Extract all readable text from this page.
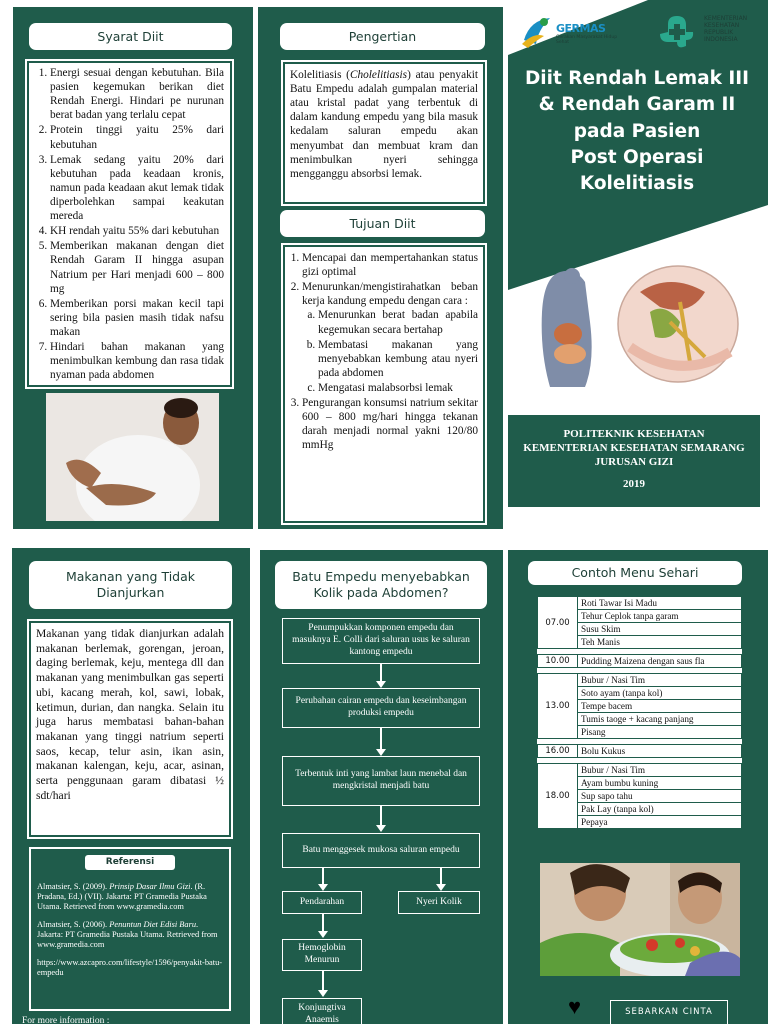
Syarat Diit
1. Energi sesuai dengan kebutuhan. Bila pasien kegemukan berikan diet Rendah Energi. Hindari pe nurunan berat badan yang terlalu cepat
2. Protein tinggi yaitu 25% dari kebutuhan
3. Lemak sedang yaitu 20% dari kebutuhan pada keadaan kronis, namun pada keadaan akut lemak tidak diperbolehkan sampai keakutan mereda
4. KH rendah yaitu 55% dari kebutuhan
5. Memberikan makanan dengan diet Rendah Garam II hingga asupan Natrium per Hari menjadi 600 – 800 mg
6. Memberikan porsi makan kecil tapi sering bila pasien masih tidak nafsu makan
7. Hindari bahan makanan yang menimbulkan kembung dan rasa tidak nyaman pada abdomen
Pengertian
Kolelitiasis (Cholelitiasis) atau penyakit Batu Empedu adalah gumpalan material atau kristal padat yang terbentuk di dalam kandung empedu yang bila masuk kedalam saluran empedu akan menyumbat dan membuat kram dan menimbulkan nyeri sehingga mengganggu absorbsi lemak.
Tujuan Diit
1. Mencapai dan mempertahankan status gizi optimal
2. Menurunkan/mengistirahatkan beban kerja kandung empedu dengan cara :
a. Menurunkan berat badan apabila kegemukan secara bertahap
b. Membatasi makanan yang menyebabkan kembung atau nyeri pada abdomen
c. Mengatasi malabsorbsi lemak
3. Pengurangan konsumsi natrium sekitar 600 – 800 mg/hari hingga tekanan darah menjadi normal yakni 120/80 mmHg
GERMAS
Gerakan Masyarakat Hidup Sehat
KEMENTERIAN KESEHATAN REPUBLIK INDONESIA
Diit Rendah Lemak III
& Rendah Garam II
pada Pasien
Post Operasi
Kolelitiasis
POLITEKNIK KESEHATAN
KEMENTERIAN KESEHATAN SEMARANG
JURUSAN GIZI
2019
Makanan yang Tidak Dianjurkan
Makanan yang tidak dianjurkan adalah makanan berlemak, gorengan, jeroan, daging berlemak, keju, mentega dll dan makanan yang menimbulkan gas seperti ubi, kacang merah, kol, sawi, lobak, ketimun, durian, dan nangka. Selain itu juga harus membatasi bahan-bahan makanan yang tinggi natrium seperti saos, kecap, telur asin, ikan asin, makanan kalengan, keju, acar, asinan, serta penggunaan garam dibatasi ½ sdt/hari
Referensi
Almatsier, S. (2009). Prinsip Dasar Ilmu Gizi. (R. Pradana, Ed.) (VII). Jakarta: PT Gramedia Pustaka Utama. Retrieved from www.gramedia.com
Almatsier, S. (2006). Penuntun Diet Edisi Baru. Jakarta: PT Gramedia Pustaka Utama. Retrieved from www.gramedia.com
https://www.azcapro.com/lifestyle/1596/penyakit-batu-empedu
For more information :
Batu Empedu menyebabkan Kolik pada Abdomen?
Penumpukkan komponen empedu dan masuknya E. Colli dari saluran usus ke saluran kantong empedu
Perubahan cairan empedu dan keseimbangan produksi empedu
Terbentuk inti yang lambat laun menebal dan mengkristal menjadi batu
Batu menggesek mukosa saluran empedu
Pendarahan	Nyeri Kolik
Hemoglobin Menurun
Konjungtiva Anaemis
Contoh Menu Sehari
07.00	Roti Tawar Isi Madu
	Tehur Ceplok tanpa garam
	Susu Skim
	Teh Manis

10.00	Pudding Maizena dengan saus fla

13.00	Bubur / Nasi Tim
	Soto ayam (tanpa kol)
	Tempe bacem
	Tumis taoge + kacang panjang
	Pisang

16.00	Bolu Kukus

18.00	Bubur / Nasi Tim
	Ayam bumbu kuning
	Sup sapo tahu
	Pak Lay (tanpa kol)
	Pepaya
♥	SEBARKAN CINTA
